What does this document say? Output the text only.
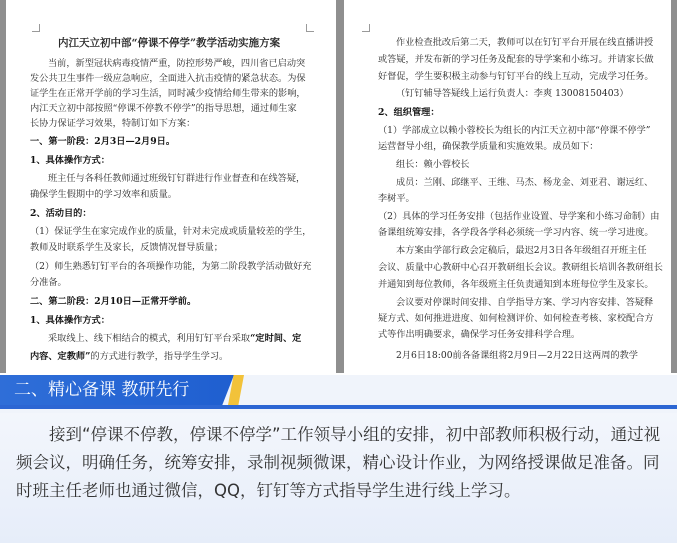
内江天立初中部“停课不停学”教学活动实施方案
当前，新型冠状病毒疫情严重，防控形势严峻，四川省已启动突
发公共卫生事件一级应急响应，全面进入抗击疫情的紧急状态。为保
证学生在正常开学前的学习生活，同时减少疫情给师生带来的影响，
内江天立初中部按照“停课不停教不停学”的指导思想，通过师生家
长协力保证学习效果，特制订如下方案：
一、第一阶段：2月3日—2月9日。
1、具体操作方式：
班主任与各科任教师通过班级钉钉群进行作业督查和在线答疑，
确保学生假期中的学习效率和质量。
2、活动目的：
（1）保证学生在家完成作业的质量，针对未完成或质量较差的学生，
教师及时联系学生及家长，反馈情况督导质量；
（2）师生熟悉钉钉平台的各项操作功能，为第二阶段教学活动做好充
分准备。
二、第二阶段：2月10日—正常开学前。
1、具体操作方式：
采取线上、线下相结合的模式，利用钉钉平台采取“定时间、定
内容、定教师”的方式进行教学，指导学生学习。
作业检查批改后第二天，教师可以在钉钉平台开展在线直播讲授
或答疑，并发布新的学习任务及配套的导学案和小练习。并请家长做
好督促，学生要积极主动参与钉钉平台的线上互动，完成学习任务。
（钉钉辅导答疑线上运行负责人：李爽 13008150403）
2、组织管理：
（1）学部成立以赖小蓉校长为组长的内江天立初中部“停课不停学”
运营督导小组，确保教学质量和实施效果。成员如下：
组长：赖小蓉校长
成员：兰刚、邱继平、王维、马杰、杨龙金、刘亚君、谢远红、
李树平。
（2）具体的学习任务安排（包括作业设置、导学案和小练习命制）由
备课组统筹安排，各学段各学科必须统一学习内容、统一学习进度。
本方案由学部行政会定稿后，最迟2月3日各年级组召开班主任
会议、质量中心教研中心召开教研组长会议。教研组长培训各教研组长
并通知到每位教师，各年级班主任负责通知到本班每位学生及家长。
会议要对停课时间安排、自学指导方案、学习内容安排、答疑释
疑方式、如何推进进度、如何检测评价、如何检查考核、家校配合方
式等作出明确要求，确保学习任务安排科学合理。
2月6日18:00前各备课组将2月9日—2月22日这两周的教学
二、精心备课 教研先行

接到“停课不停教，停课不停学”工作领导小组的安排，初中部教师积极行动，通过视频会议，明确任务，统筹安排，录制视频微课，精心设计作业，为网络授课做足准备。同时班主任老师也通过微信，QQ，钉钉等方式指导学生进行线上学习。
